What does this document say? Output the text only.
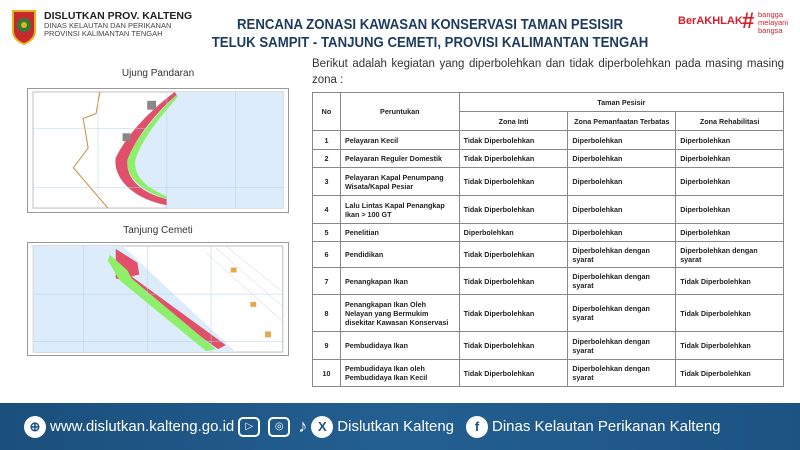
DISLUTKAN PROV. KALTENG
DINAS KELAUTAN DAN PERIKANAN
PROVINSI KALIMANTAN TENGAH
RENCANA ZONASI KAWASAN KONSERVASI TAMAN PESISIR
TELUK SAMPIT - TANJUNG CEMETI, PROVISI KALIMANTAN TENGAH
BerAKHLAK # bangga
melayani
bangsa
Ujung Pandaran
Tanjung Cemeti
Berikut adalah kegiatan yang diperbolehkan dan tidak diperbolehkan pada masing masing zona :
No	Peruntukan	Taman Pesisir		
		Zona Inti	Zona Pemanfaatan Terbatas	Zona Rehabilitasi
1	Pelayaran Kecil	Tidak Diperbolehkan	Diperbolehkan	Diperbolehkan
2	Pelayaran Reguler Domestik	Tidak Diperbolehkan	Diperbolehkan	Diperbolehkan
3	Pelayaran Kapal Penumpang Wisata/Kapal Pesiar	Tidak Diperbolehkan	Diperbolehkan	Diperbolehkan
4	Lalu Lintas Kapal Penangkap Ikan > 100 GT	Tidak Diperbolehkan	Diperbolehkan	Diperbolehkan
5	Penelitian	Diperbolehkan	Diperbolehkan	Diperbolehkan
6	Pendidikan	Tidak Diperbolehkan	Diperbolehkan dengan syarat	Diperbolehkan dengan syarat
7	Penangkapan Ikan	Tidak Diperbolehkan	Diperbolehkan dengan syarat	Tidak Diperbolehkan
8	Penangkapan Ikan Oleh Nelayan yang Bermukim disekitar Kawasan Konservasi	Tidak Diperbolehkan	Diperbolehkan dengan syarat	Tidak Diperbolehkan
9	Pembudidaya Ikan	Tidak Diperbolehkan	Diperbolehkan dengan syarat	Tidak Diperbolehkan
10	Pembudidaya Ikan oleh Pembudidaya Ikan Kecil	Tidak Diperbolehkan	Diperbolehkan dengan syarat	Tidak Diperbolehkan
⊕ www.dislutkan.kalteng.go.id	▷	◎ ♪ X Dislutkan Kalteng	f Dinas Kelautan Perikanan Kalteng
